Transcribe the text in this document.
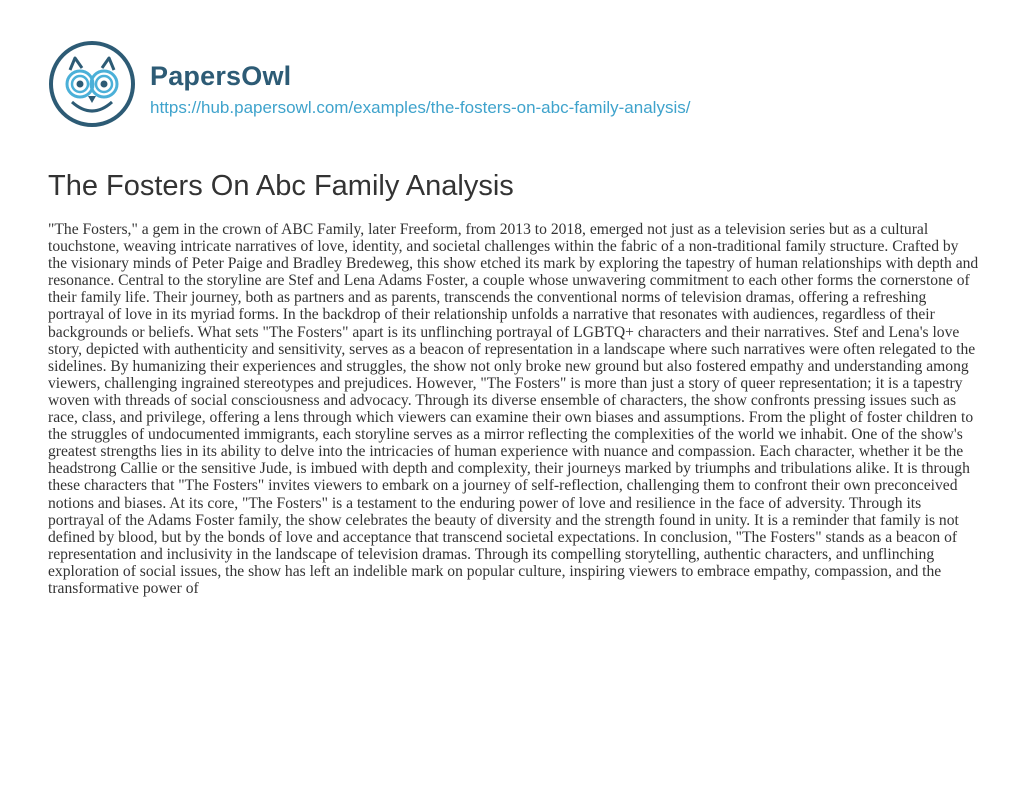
PapersOwl
https://hub.papersowl.com/examples/the-fosters-on-abc-family-analysis/
The Fosters On Abc Family Analysis

"The Fosters," a gem in the crown of ABC Family, later Freeform, from 2013 to 2018, emerged not just as a television series but as a cultural touchstone, weaving intricate narratives of love, identity, and societal challenges within the fabric of a non-traditional family structure. Crafted by the visionary minds of Peter Paige and Bradley Bredeweg, this show etched its mark by exploring the tapestry of human relationships with depth and resonance. Central to the storyline are Stef and Lena Adams Foster, a couple whose unwavering commitment to each other forms the cornerstone of their family life. Their journey, both as partners and as parents, transcends the conventional norms of television dramas, offering a refreshing portrayal of love in its myriad forms. In the backdrop of their relationship unfolds a narrative that resonates with audiences, regardless of their backgrounds or beliefs. What sets "The Fosters" apart is its unflinching portrayal of LGBTQ+ characters and their narratives. Stef and Lena's love story, depicted with authenticity and sensitivity, serves as a beacon of representation in a landscape where such narratives were often relegated to the sidelines. By humanizing their experiences and struggles, the show not only broke new ground but also fostered empathy and understanding among viewers, challenging ingrained stereotypes and prejudices. However, "The Fosters" is more than just a story of queer representation; it is a tapestry woven with threads of social consciousness and advocacy. Through its diverse ensemble of characters, the show confronts pressing issues such as race, class, and privilege, offering a lens through which viewers can examine their own biases and assumptions. From the plight of foster children to the struggles of undocumented immigrants, each storyline serves as a mirror reflecting the complexities of the world we inhabit. One of the show's greatest strengths lies in its ability to delve into the intricacies of human experience with nuance and compassion. Each character, whether it be the headstrong Callie or the sensitive Jude, is imbued with depth and complexity, their journeys marked by triumphs and tribulations alike. It is through these characters that "The Fosters" invites viewers to embark on a journey of self-reflection, challenging them to confront their own preconceived notions and biases. At its core, "The Fosters" is a testament to the enduring power of love and resilience in the face of adversity. Through its portrayal of the Adams Foster family, the show celebrates the beauty of diversity and the strength found in unity. It is a reminder that family is not defined by blood, but by the bonds of love and acceptance that transcend societal expectations. In conclusion, "The Fosters" stands as a beacon of representation and inclusivity in the landscape of television dramas. Through its compelling storytelling, authentic characters, and unflinching exploration of social issues, the show has left an indelible mark on popular culture, inspiring viewers to embrace empathy, compassion, and the transformative power of
